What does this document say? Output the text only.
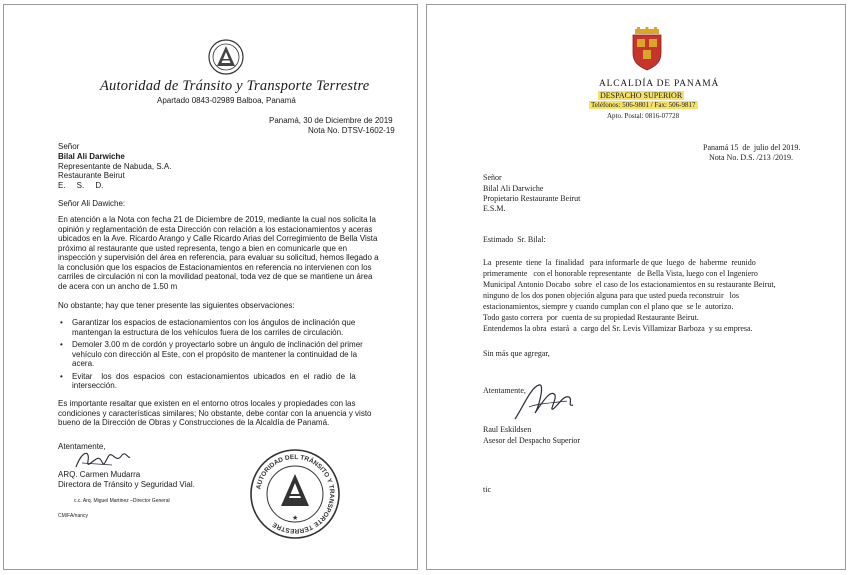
Autoridad de Tránsito y Transporte Terrestre
Apartado 0843-02989 Balboa, Panamá
Panamá, 30 de Diciembre de 2019
Nota No. DTSV-1602-19
Señor
Bilal Ali Darwiche
Representante de Nabuda, S.A.
Restaurante Beirut
E.     S.     D.
Señor Ali Dawiche:
En atención a la Nota con fecha 21 de Diciembre de 2019, mediante la cual nos solicita la
opinión y reglamentación de esta Dirección con relación a los estacionamientos y aceras
ubicados en la Ave. Ricardo Arango y Calle Ricardo Arias del Corregimiento de Bella Vista
próximo al restaurante que usted representa, tengo a bien en comunicarle que en
inspección y supervisión del área en referencia, para evaluar su solicitud, hemos llegado a
la conclusión que los espacios de Estacionamientos en referencia no intervienen con los
carriles de circulación ni con la movilidad peatonal, toda vez de que se mantiene un área
de acera con un ancho de 1.50 m
No obstante; hay que tener presente las siguientes observaciones:
• Garantizar los espacios de estacionamientos con los ángulos de inclinación que
mantengan la estructura de los vehículos fuera de los carriles de circulación.
• Demoler 3.00 m de cordón y proyectarlo sobre un ángulo de inclinación del primer
vehículo con dirección al Este, con el propósito de mantener la continuidad de la
acera.
• Evitar    los  dos  espacios  con  estacionamientos  ubicados  en  el  radio  de  la
intersección.
Es importante resaltar que existen en el entorno otros locales y propiedades con las
condiciones y características similares; No obstante, debe contar con la anuencia y visto
bueno de la Dirección de Obras y Construcciones de la Alcaldía de Panamá.
Atentamente,
ARQ. Carmen Mudarra
Directora de Tránsito y Seguridad Vial.
c.c. Arq. Miguel Martinez –Director General
CM/FA/nancy
AUTORIDAD DEL TRÁNSITO Y TRANSPORTE TERRESTRE
★
ALCALDÍA DE PANAMÁ
DESPACHO SUPERIOR
Teléfonos: 506-9801 / Fax: 506-9817
Apto. Postal: 0816-07728
Panamá 15  de  julio del 2019.
Nota No. D.S. /213 /2019.
Señor
Bilal Ali Darwiche
Propietario Restaurante Beirut
E.S.M.
Estimado  Sr. Bilal:
La  presente  tiene  la  finalidad   para informarle de que  luego  de  haberme  reunido
primeramente   con el honorable representante   de Bella Vista, luego con el Ingeniero
Municipal Antonio Docabo  sobre  el caso de los estacionamientos en su restaurante Beirut,
ninguno de los dos ponen objeción alguna para que usted pueda reconstruir   los
estacionamientos, siempre y cuando cumplan con el plano que  se le  autorizo.
Todo gasto correra  por  cuenta de su propiedad Restaurante Beirut.
Entendemos la obra  estará  a  cargo del Sr. Levis Villamizar Barboza  y su empresa.
Sin más que agregar,
Atentamente,
Raul Eskildsen
Asesor del Despacho Superior
tic
